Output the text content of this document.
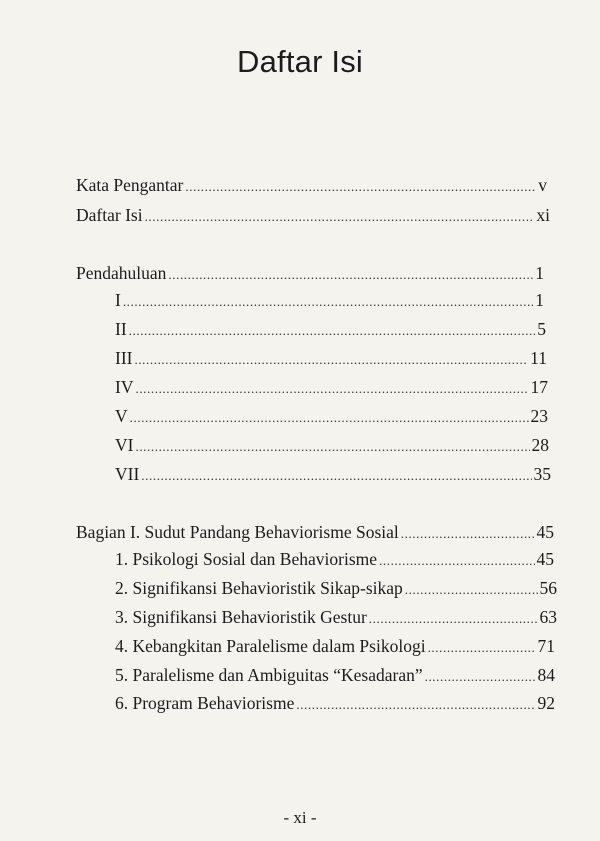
Daftar Isi
Kata Pengantar .....	v
Daftar Isi .....	xi
Pendahuluan .....	1
I .....	1
II .....	5
III .....	11
IV .....	17
V .....	23
VI .....	28
VII .....	35
Bagian I. Sudut Pandang Behaviorisme Sosial .....	45
1. Psikologi Sosial dan Behaviorisme .....	45
2. Signifikansi Behavioristik Sikap-sikap .....	56
3. Signifikansi Behavioristik Gestur .....	63
4. Kebangkitan Paralelisme dalam Psikologi .....	71
5. Paralelisme dan Ambiguitas “Kesadaran” .....	84
6. Program Behaviorisme .....	92
- xi -
